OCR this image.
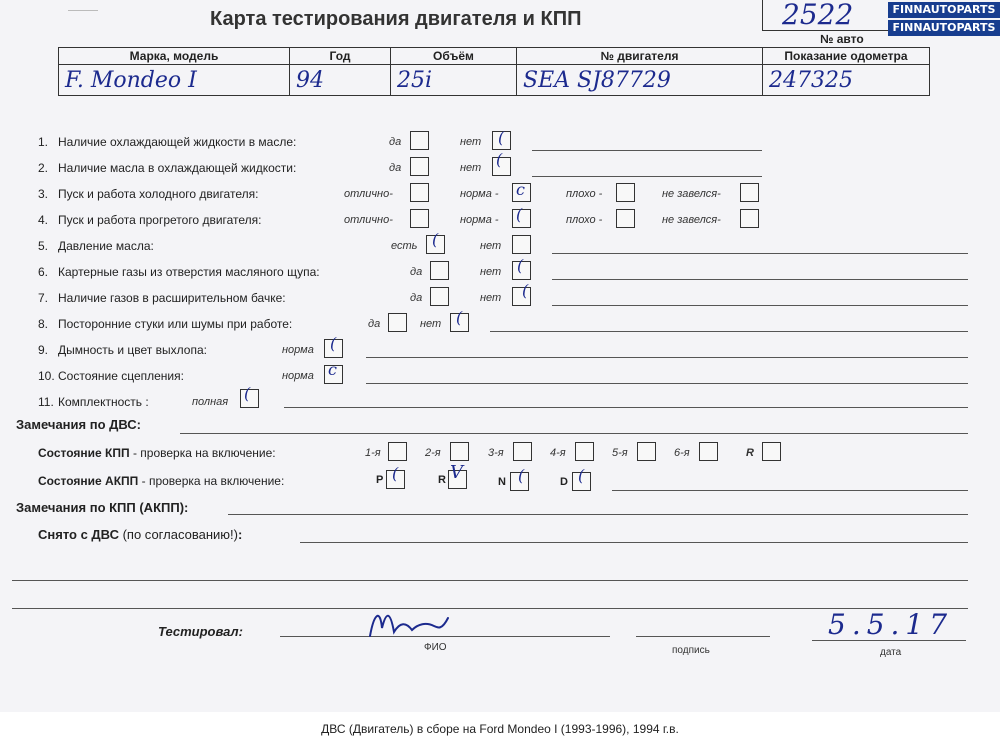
Карта тестирования двигателя и КПП	2522
№ авто
FINNAUTOPARTS
FINNAUTOPARTS
Марка, модель	Год	Объём	№ двигателя	Показание одометра
F. Mondeo I	94	25i	SEA SJ87729	247325
1. Наличие охлаждающей жидкости в масле:	да	нет (
2. Наличие масла в охлаждающей жидкости:	да	нет (
3. Пуск и работа холодного двигателя:	отлично-	норма - c	плохо -	не завелся-
4. Пуск и работа прогретого двигателя:	отлично-	норма - (	плохо -	не завелся-
5. Давление масла:	есть (	нет
6. Картерные газы из отверстия масляного щупа:	да	нет (
7. Наличие газов в расширительном бачке:	да	нет (
8. Посторонние стуки или шумы при работе:	да	нет (
9. Дымность и цвет выхлопа:	норма (
10. Состояние сцепления:	норма c
11. Комплектность :	полная (
Замечания по ДВС:
Состояние КПП - проверка на включение:	1-я	2-я	3-я	4-я	5-я	6-я	R
Состояние АКПП - проверка на включение:	P (	R V	N (	D (
Замечания по КПП (АКПП):
Снято с ДВС (по согласованию!):
Тестировал:
ФИО	подпись
5.5.17
дата
ДВС (Двигатель) в сборе на Ford Mondeo I (1993-1996), 1994 г.в.
